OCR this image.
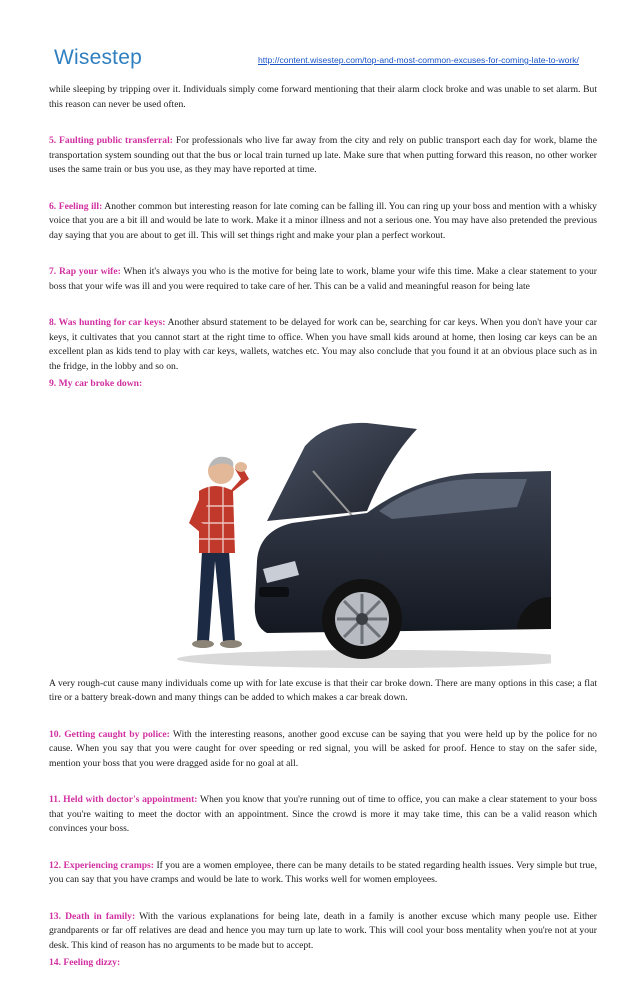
Wisestep	http://content.wisestep.com/top-and-most-common-excuses-for-coming-late-to-work/

while sleeping by tripping over it. Individuals simply come forward mentioning that their alarm clock broke and was unable to set alarm. But this reason can never be used often.

5. Faulting public transferral: For professionals who live far away from the city and rely on public transport each day for work, blame the transportation system sounding out that the bus or local train turned up late. Make sure that when putting forward this reason, no other worker uses the same train or bus you use, as they may have reported at time.

6. Feeling ill: Another common but interesting reason for late coming can be falling ill. You can ring up your boss and mention with a whisky voice that you are a bit ill and would be late to work. Make it a minor illness and not a serious one. You may have also pretended the previous day saying that you are about to get ill. This will set things right and make your plan a perfect workout.

7. Rap your wife: When it's always you who is the motive for being late to work, blame your wife this time. Make a clear statement to your boss that your wife was ill and you were required to take care of her. This can be a valid and meaningful reason for being late

8. Was hunting for car keys: Another absurd statement to be delayed for work can be, searching for car keys. When you don't have your car keys, it cultivates that you cannot start at the right time to office. When you have small kids around at home, then losing car keys can be an excellent plan as kids tend to play with car keys, wallets, watches etc. You may also conclude that you found it at an obvious place such as in the fridge, in the lobby and so on.

9. My car broke down:

A very rough-cut cause many individuals come up with for late excuse is that their car broke down. There are many options in this case; a flat tire or a battery break-down and many things can be added to which makes a car break down.

10. Getting caught by police: With the interesting reasons, another good excuse can be saying that you were held up by the police for no cause. When you say that you were caught for over speeding or red signal, you will be asked for proof. Hence to stay on the safer side, mention your boss that you were dragged aside for no goal at all.

11. Held with doctor's appointment: When you know that you're running out of time to office, you can make a clear statement to your boss that you're waiting to meet the doctor with an appointment. Since the crowd is more it may take time, this can be a valid reason which convinces your boss.

12. Experiencing cramps: If you are a women employee, there can be many details to be stated regarding health issues. Very simple but true, you can say that you have cramps and would be late to work. This works well for women employees.

13. Death in family: With the various explanations for being late, death in a family is another excuse which many people use. Either grandparents or far off relatives are dead and hence you may turn up late to work. This will cool your boss mentality when you're not at your desk. This kind of reason has no arguments to be made but to accept.

14. Feeling dizzy:
